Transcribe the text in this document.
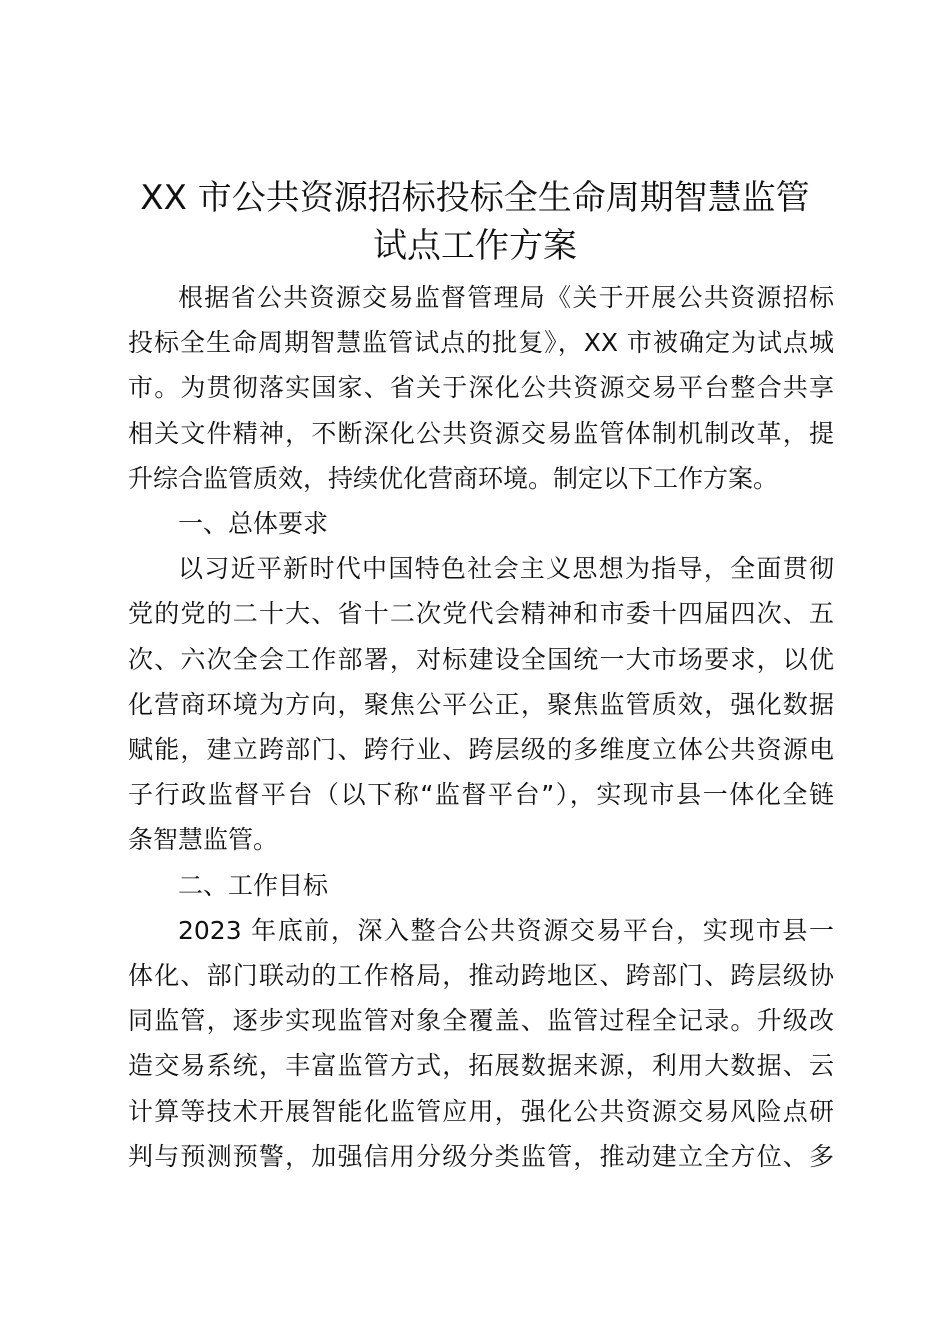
XX 市公共资源招标投标全生命周期智慧监管
试点工作方案

根据省公共资源交易监督管理局《关于开展公共资源招标
投标全生命周期智慧监管试点的批复》，XX 市被确定为试点城
市。为贯彻落实国家、省关于深化公共资源交易平台整合共享
相关文件精神，不断深化公共资源交易监管体制机制改革，提
升综合监管质效，持续优化营商环境。制定以下工作方案。

一、总体要求

以习近平新时代中国特色社会主义思想为指导，全面贯彻
党的党的二十大、省十二次党代会精神和市委十四届四次、五
次、六次全会工作部署，对标建设全国统一大市场要求，以优
化营商环境为方向，聚焦公平公正，聚焦监管质效，强化数据
赋能，建立跨部门、跨行业、跨层级的多维度立体公共资源电
子行政监督平台（以下称“监督平台”），实现市县一体化全链
条智慧监管。

二、工作目标

2023 年底前，深入整合公共资源交易平台，实现市县一
体化、部门联动的工作格局，推动跨地区、跨部门、跨层级协
同监管，逐步实现监管对象全覆盖、监管过程全记录。升级改
造交易系统，丰富监管方式，拓展数据来源，利用大数据、云
计算等技术开展智能化监管应用，强化公共资源交易风险点研
判与预测预警，加强信用分级分类监管，推动建立全方位、多
